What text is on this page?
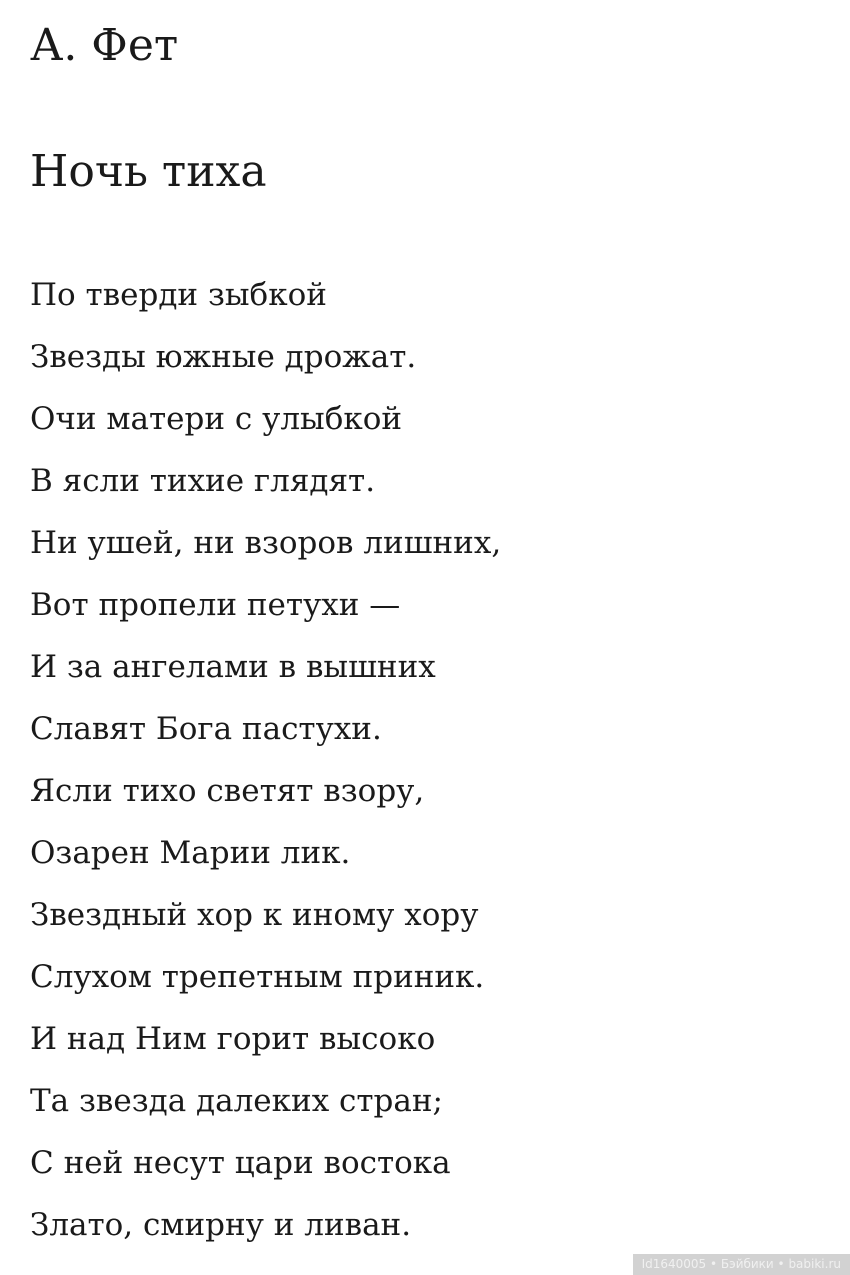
А. Фет
Ночь тиха

По тверди зыбкой

Звезды южные дрожат.

Очи матери с улыбкой

В ясли тихие глядят.

Ни ушей, ни взоров лишних,

Вот пропели петухи —

И за ангелами в вышних

Славят Бога пастухи.

Ясли тихо светят взору,

Озарен Марии лик.

Звездный хор к иному хору

Слухом трепетным приник.

И над Ним горит высоко

Та звезда далеких стран;

С ней несут цари востока

Злато, смирну и ливан.

Id1640005 • Бэйбики • babiki.ru
